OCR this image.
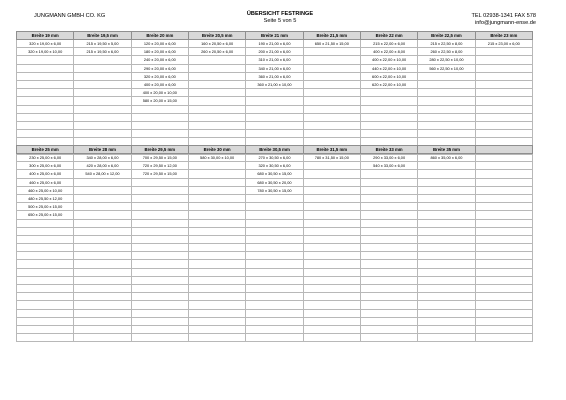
JUNGMANN GMBH CO. KG	ÜBERSICHT FESTRINGE
Seite 5 von 5
TEL 02938-1341 FAX 578
info@jungmann-ense.de
Breite 19 mm	Breite 19,5 mm	Breite 20 mm	Breite 20,5 mm	Breite 21 mm	Breite 21,5 mm	Breite 22 mm	Breite 22,5 mm	Breite 23 mm
320 x 19,00 x 6,00	215 x 19,50 x 5,00	120 x 20,00 x 6,00	160 x 20,50 x 6,00	190 x 21,00 x 6,00	650 x 21,50 x 15,00	215 x 22,00 x 6,00	215 x 22,50 x 8,00	215 x 23,00 x 6,00
320 x 19,00 x 10,00	215 x 19,50 x 6,00	180 x 20,00 x 6,00	260 x 20,50 x 6,00	200 x 21,00 x 6,00		400 x 22,00 x 8,00	260 x 22,50 x 8,00	
		240 x 20,00 x 6,00		310 x 21,00 x 6,00		400 x 22,00 x 10,00	280 x 22,50 x 10,00	
		290 x 20,00 x 6,00		340 x 21,00 x 6,00		440 x 22,00 x 10,00	560 x 22,50 x 10,00	
		320 x 20,00 x 6,00		360 x 21,00 x 6,00		600 x 22,00 x 10,00		
		400 x 20,00 x 6,00		360 x 21,00 x 10,00		620 x 22,00 x 10,00		
		400 x 20,00 x 10,00						
		580 x 20,00 x 15,00						

Breite 25 mm	Breite 28 mm	Breite 29,5 mm	Breite 30 mm	Breite 30,5 mm	Breite 31,5 mm	Breite 33 mm	Breite 35 mm	
230 x 25,00 x 6,00	340 x 28,00 x 6,00	700 x 29,50 x 15,00	580 x 30,00 x 10,00	270 x 30,50 x 6,00	780 x 31,50 x 15,00	290 x 33,00 x 6,00	860 x 35,00 x 6,00	
300 x 25,00 x 6,00	420 x 28,00 x 6,00	720 x 29,50 x 12,00		320 x 30,50 x 6,00		540 x 33,00 x 6,00		
400 x 25,00 x 6,00	540 x 28,00 x 12,00	720 x 29,50 x 15,00		680 x 30,50 x 15,00				
460 x 25,00 x 6,00				680 x 30,50 x 20,00				
460 x 25,00 x 10,00				780 x 30,50 x 15,00				
480 x 25,50 x 12,00								
500 x 25,00 x 15,00								
650 x 25,00 x 15,00								
